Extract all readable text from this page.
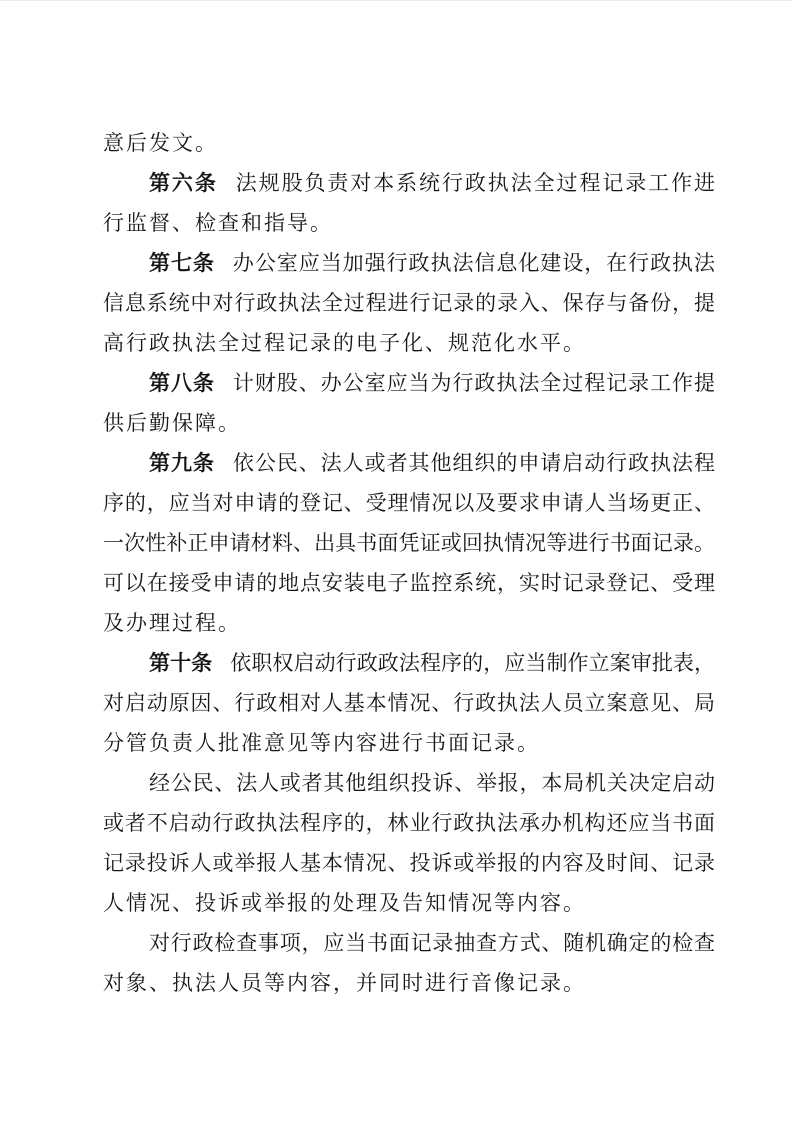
意后发文。
第六条 法规股负责对本系统行政执法全过程记录工作进
行监督、检查和指导。
第七条 办公室应当加强行政执法信息化建设，在行政执法
信息系统中对行政执法全过程进行记录的录入、保存与备份，提
高行政执法全过程记录的电子化、规范化水平。
第八条 计财股、办公室应当为行政执法全过程记录工作提
供后勤保障。
第九条 依公民、法人或者其他组织的申请启动行政执法程
序的，应当对申请的登记、受理情况以及要求申请人当场更正、
一次性补正申请材料、出具书面凭证或回执情况等进行书面记录。
可以在接受申请的地点安装电子监控系统，实时记录登记、受理
及办理过程。
第十条 依职权启动行政政法程序的，应当制作立案审批表，
对启动原因、行政相对人基本情况、行政执法人员立案意见、局
分管负责人批准意见等内容进行书面记录。
经公民、法人或者其他组织投诉、举报，本局机关决定启动
或者不启动行政执法程序的，林业行政执法承办机构还应当书面
记录投诉人或举报人基本情况、投诉或举报的内容及时间、记录
人情况、投诉或举报的处理及告知情况等内容。
对行政检查事项，应当书面记录抽查方式、随机确定的检查
对象、执法人员等内容，并同时进行音像记录。
